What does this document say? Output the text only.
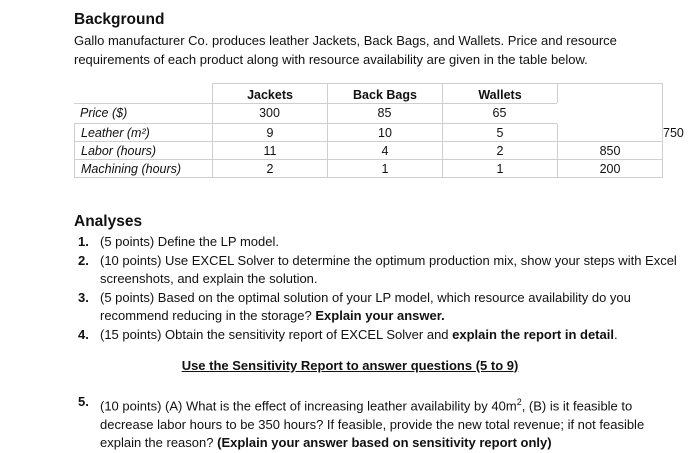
Background

Gallo manufacturer Co. produces leather Jackets, Back Bags, and Wallets. Price and resource requirements of each product along with resource availability are given in the table below.

	Jackets	Back Bags	Wallets

Leather (m²)	9	10	5		750
Labor (hours)	11	4	2	850	
Machining (hours)	2	1	1	200	
Price ($)	300	85	65
Analyses
1. (5 points) Define the LP model.
2. (10 points) Use EXCEL Solver to determine the optimum production mix, show your steps with Excel screenshots, and explain the solution.
3. (5 points) Based on the optimal solution of your LP model, which resource availability do you recommend reducing in the storage? Explain your answer.
4. (15 points) Obtain the sensitivity report of EXCEL Solver and explain the report in detail.
Use the Sensitivity Report to answer questions (5 to 9)
5. (10 points) (A) What is the effect of increasing leather availability by $40m^2$, (B) is it feasible to decrease labor hours to be 350 hours? If feasible, provide the new total revenue; if not feasible explain the reason? (Explain your answer based on sensitivity report only)
